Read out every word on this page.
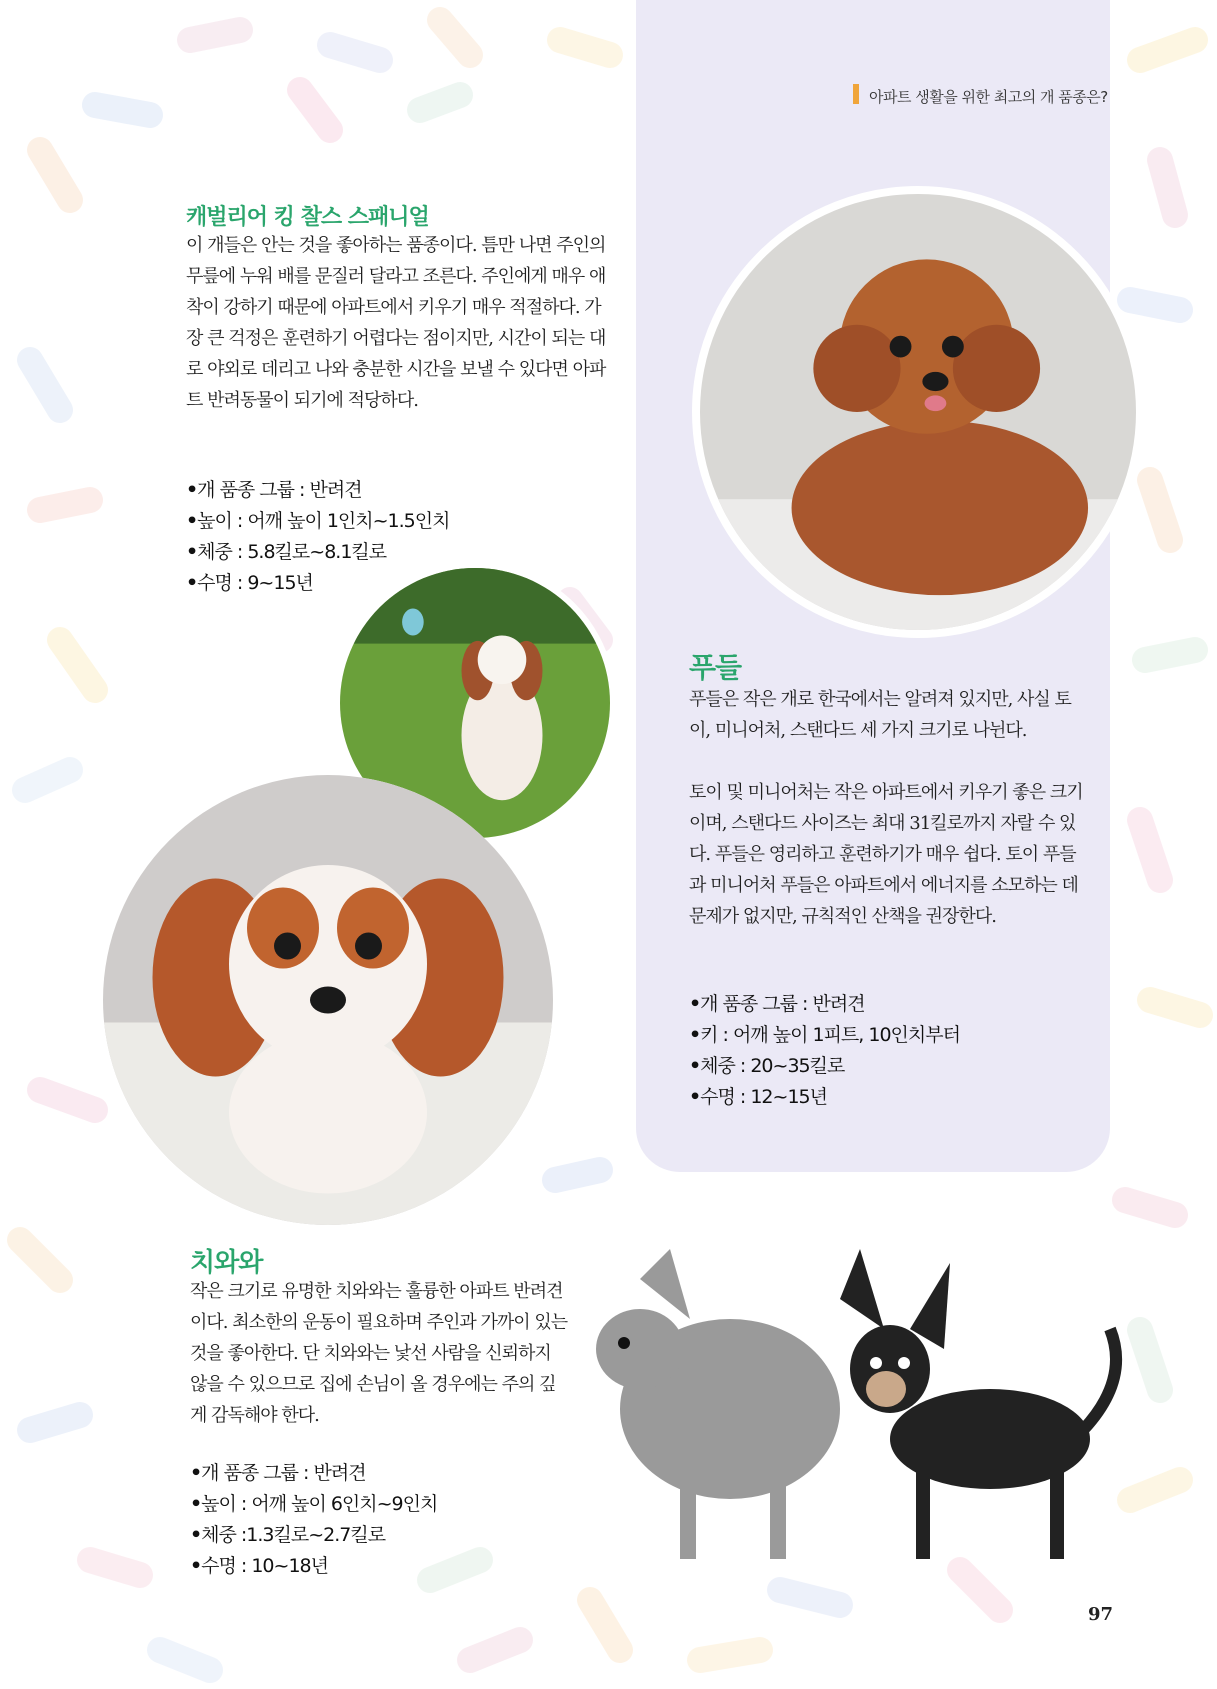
아파트 생활을 위한 최고의 개 품종은?
캐벌리어 킹 찰스 스패니얼

이 개들은 안는 것을 좋아하는 품종이다. 틈만 나면 주인의 무릎에 누워 배를 문질러 달라고 조른다. 주인에게 매우 애착이 강하기 때문에 아파트에서 키우기 매우 적절하다. 가장 큰 걱정은 훈련하기 어렵다는 점이지만, 시간이 되는 대로 야외로 데리고 나와 충분한 시간을 보낼 수 있다면 아파트 반려동물이 되기에 적당하다.

• 개 품종 그룹 : 반려견
• 높이 : 어깨 높이 1인치~1.5인치
• 체중 : 5.8킬로~8.1킬로
• 수명 : 9~15년
푸들

푸들은 작은 개로 한국에서는 알려져 있지만, 사실 토이, 미니어처, 스탠다드 세 가지 크기로 나뉜다.

토이 및 미니어처는 작은 아파트에서 키우기 좋은 크기이며, 스탠다드 사이즈는 최대 31킬로까지 자랄 수 있다. 푸들은 영리하고 훈련하기가 매우 쉽다. 토이 푸들과 미니어처 푸들은 아파트에서 에너지를 소모하는 데 문제가 없지만, 규칙적인 산책을 권장한다.

• 개 품종 그룹 : 반려견
• 키 : 어깨 높이 1피트, 10인치부터
• 체중 : 20~35킬로
• 수명 : 12~15년
치와와

작은 크기로 유명한 치와와는 훌륭한 아파트 반려견이다. 최소한의 운동이 필요하며 주인과 가까이 있는 것을 좋아한다. 단 치와와는 낯선 사람을 신뢰하지 않을 수 있으므로 집에 손님이 올 경우에는 주의 깊게 감독해야 한다.

• 개 품종 그룹 : 반려견
• 높이 : 어깨 높이 6인치~9인치
• 체중 :1.3킬로~2.7킬로
• 수명 : 10~18년
97
